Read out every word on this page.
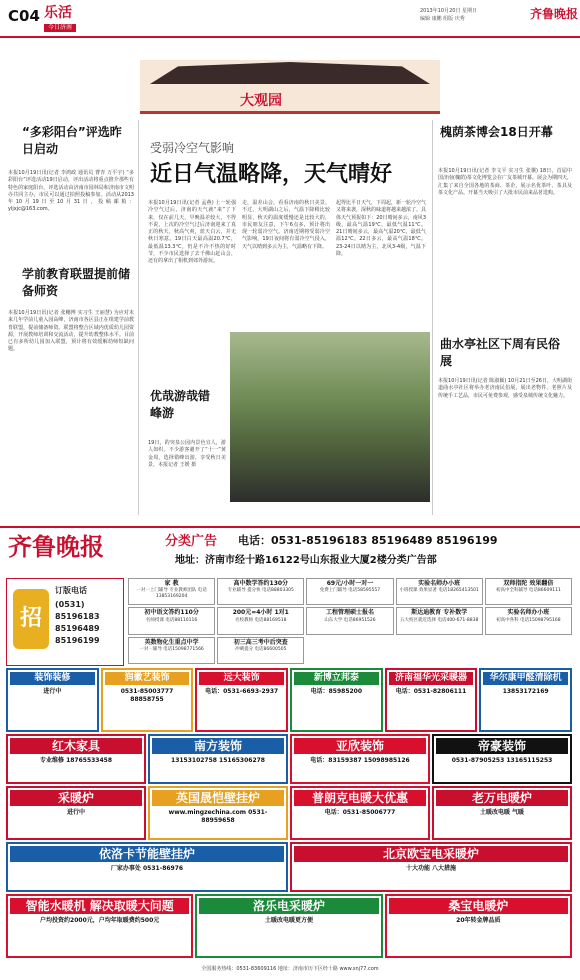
C04 乐活
今日济南
2013年10月20日 星期日
编辑 康鹏 组版 庆秀	齐鲁晚报
大观园
“多彩阳台”评选昨日启动
本报10月19日讯(记者 李鸿政 通讯员 曹青 万平宇) “多彩阳台”评选活动19日启动，评出活动将重点推介那些有特色的家庭阳台，评选活动由济南市园林局和济南市文明办共同主办，市民可以通过拍照投稿参加。活动从2013年10月19日至10月31日，投稿邮箱：yljxjc@163.com。
学前教育联盟提前储备师资
本报10月19日讯(记者 张穗博 实习生 王丽慧) 为应对未来几年学前儿童入园高峰，济南市各区县正在组建学前教育联盟，提前储备师资。联盟将整合区域内优质幼儿园资源，开展教师培训和交流活动，提升幼教整体水平。目前已有多所幼儿园加入联盟，预计将有效缓解幼师短缺问题。
受弱冷空气影响
近日气温略降，天气晴好
本报10月19日讯(记者 孟燕) 上一轮强冷空气过后，济南的天气就“来”了下来，仅在前几天，早晚温差较大，不得不说，上次的冷空气过后济南迎来了真正的秋天，秋高气爽，蓝天白云，并无秋日寒意。19日白天最高温20.7℃，最低温13.3℃，仍是不冷不热的好时节，不少市民选择了去千佛山赶山会，还有的拿出了相机到郊外游玩。
走，温差山会，看看济南的秋日美景。不过，大明湖山之后，气温下降稍比较明显，秋天的温度缓慢还是比较大的，市民朋友注意，下午6点多，预计将出现一轮弱冷空气。济南近期将受弱冷空气影响，19日夜间将有弱冷空气侵入，天气以晴到多云为主，气温略有下降。
起得比平日天气，下周起，新一轮冷空气又将来袭，深秋的味道将越来越浓了。具体天气预报如下：20日晴间多云，南风3级，最高气温19℃，最低气温11℃。21日晴间多云，最高气温20℃，最低气温12℃。22日多云，最高气温18℃。23-24日以晴为主，北风3-4级，气温下降。
优哉游哉错峰游
19日，趵突泉公园内景色宜人，游人如织。不少游客避开了“十一”黄金周，选择错峰出游，享受秋日美景。本报记者 王媛 摄
槐荫茶博会18日开幕
本报10月19日讯(记者 李文平 实习生 张骥) 18日，首届中国济南(槐荫)茶文化博览会在广友茶城开幕。展会为期四天，汇集了来自全国各地的茶商、茶企，展示名优茶叶、茶具及茶文化产品。开幕当天吸引了大批市民前来品茗选购。
曲水亭社区下周有民俗展
本报10月19日讯(记者 陈淑颖) 10月21日至26日，大明湖街道曲水亭社区将举办老济南民俗展，展出老物件、老照片及传统手工艺品，市民可免费参观，感受泉城传统文化魅力。
齐鲁晚报	分类广告 电话：0531-85196183 85196489 85196199
地址：济南市经十路16122号山东报业大厦2楼分类广告部
招
订版电话
(0531)
85196183
85196489
85196199
家 教
一对一上门辅导 专业教师团队 电话13853169204
高中数学答约130分
专业辅导 提分快 电话88803305
69元/小时一对一
免费上门辅导 电话58595557
实验名师办小班
小班授课 效果显著 电话18265413501
双师指陀 效果翻倍
初高中全科辅导 电话86609111
初中语文答约110分
名师授课 电话88110116
200元=4小时 1对1
名校教师 电话88169518
工程管理硕士报名
山东大学 电话86951526
斯达迪教育 专补数学
五大校区就近选择 电话400-671-8838
实验名师办小班
初高中各科 电话15098795168
英数物化生重点中学
一对一辅导 电话15098771566
初三高三考中后突查
冲刺提分 电话86600505
装饰装修
进行中
润徽艺装饰
0531-85003777 88858755
远大装饰
电话：0531-6693-2937
新博立邦泰
电话：85985200
济南福华光采暖器
电话：0531-82806111
华尔康甲醛清除机
13853172169
红木家具
专业维修 18765533458
南方装饰
13153102758 15165306278
亚欣装饰
电话：83159387 15098985126
帝豪装饰
0531-87905253 13165115253
采暖炉
进行中
英国晟恺壁挂炉
www.mingzechina.com 0531-88959658
普朗克电暖大优惠
电话：0531-85006777
老万电暖炉
土暖改电暖 气暖
依洛卡节能壁挂炉
厂家办事处 0531-86976
北京欧宝电采暖炉
十大功能 八大措施
智能水暖机 解决取暖大问题
户均投资约2000元，户均年取暖费约500元
洛乐电采暖炉
土暖改电暖更方便
桑宝电暖炉
20年转金牌品质
全国服务热线：0531-83609116 地址：济南市历下区经十路 www.snj77.com
